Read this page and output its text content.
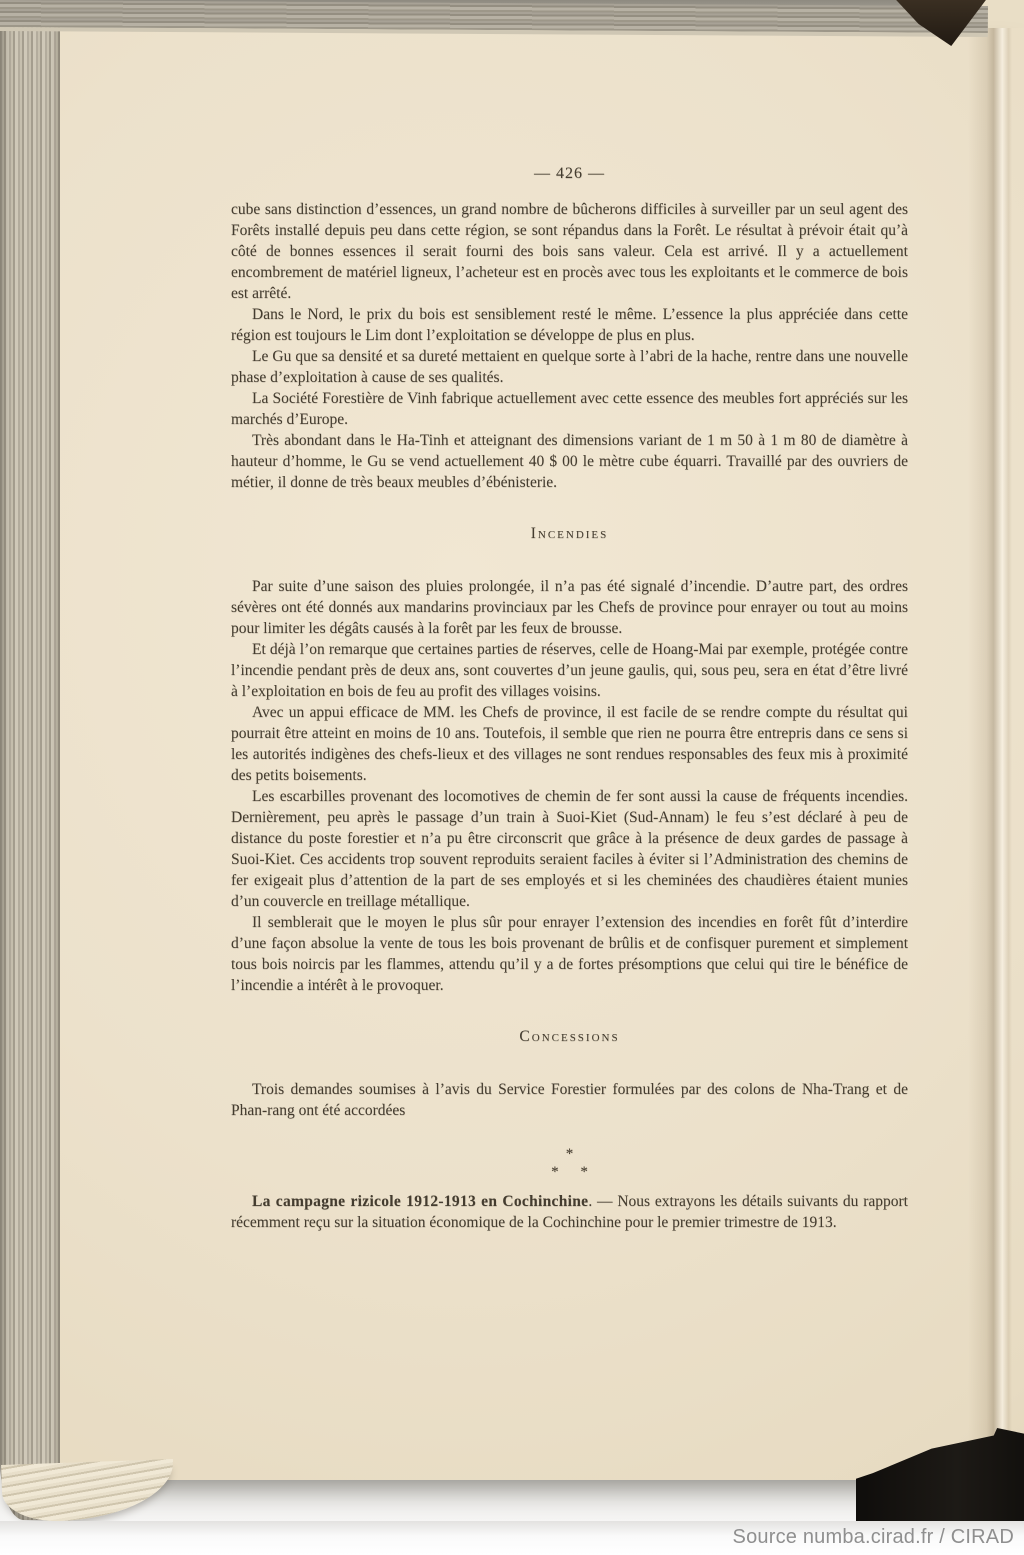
— 426 —

cube sans distinction d’essences, un grand nombre de bûcherons difficiles à surveiller par un seul agent des Forêts installé depuis peu dans cette région, se sont répandus dans la Forêt. Le résultat à prévoir était qu’à côté de bonnes essences il serait fourni des bois sans valeur. Cela est arrivé. Il y a actuellement encombrement de matériel ligneux, l’acheteur est en procès avec tous les exploitants et le commerce de bois est arrêté.

Dans le Nord, le prix du bois est sensiblement resté le même. L’essence la plus appréciée dans cette région est toujours le Lim dont l’exploitation se développe de plus en plus.

Le Gu que sa densité et sa dureté mettaient en quelque sorte à l’abri de la hache, rentre dans une nouvelle phase d’exploitation à cause de ses qualités.

La Société Forestière de Vinh fabrique actuellement avec cette essence des meubles fort appréciés sur les marchés d’Europe.

Très abondant dans le Ha-Tinh et atteignant des dimensions variant de 1 m 50 à 1 m 80 de diamètre à hauteur d’homme, le Gu se vend actuellement 40 $ 00 le mètre cube équarri. Travaillé par des ouvriers de métier, il donne de très beaux meubles d’ébénisterie.

Incendies

Par suite d’une saison des pluies prolongée, il n’a pas été signalé d’incendie. D’autre part, des ordres sévères ont été donnés aux mandarins provinciaux par les Chefs de province pour enrayer ou tout au moins pour limiter les dégâts causés à la forêt par les feux de brousse.

Et déjà l’on remarque que certaines parties de réserves, celle de Hoang-Mai par exemple, protégée contre l’incendie pendant près de deux ans, sont couvertes d’un jeune gaulis, qui, sous peu, sera en état d’être livré à l’exploitation en bois de feu au profit des villages voisins.

Avec un appui efficace de MM. les Chefs de province, il est facile de se rendre compte du résultat qui pourrait être atteint en moins de 10 ans. Toutefois, il semble que rien ne pourra être entrepris dans ce sens si les autorités indigènes des chefs-lieux et des villages ne sont rendues responsables des feux mis à proximité des petits boisements.

Les escarbilles provenant des locomotives de chemin de fer sont aussi la cause de fréquents incendies. Dernièrement, peu après le passage d’un train à Suoi-Kiet (Sud-Annam) le feu s’est déclaré à peu de distance du poste forestier et n’a pu être circonscrit que grâce à la présence de deux gardes de passage à Suoi-Kiet. Ces accidents trop souvent reproduits seraient faciles à éviter si l’Administration des chemins de fer exigeait plus d’attention de la part de ses employés et si les cheminées des chaudières étaient munies d’un couvercle en treillage métallique.

Il semblerait que le moyen le plus sûr pour enrayer l’extension des incendies en forêt fût d’interdire d’une façon absolue la vente de tous les bois provenant de brûlis et de confisquer purement et simplement tous bois noircis par les flammes, attendu qu’il y a de fortes présomptions que celui qui tire le bénéfice de l’incendie a intérêt à le provoquer.

Concessions

Trois demandes soumises à l’avis du Service Forestier formulées par des colons de Nha-Trang et de Phan-rang ont été accordées

*
* *

La campagne rizicole 1912-1913 en Cochinchine. — Nous extrayons les détails suivants du rapport récemment reçu sur la situation économique de la Cochinchine pour le premier trimestre de 1913.

Source numba.cirad.fr / CIRAD
